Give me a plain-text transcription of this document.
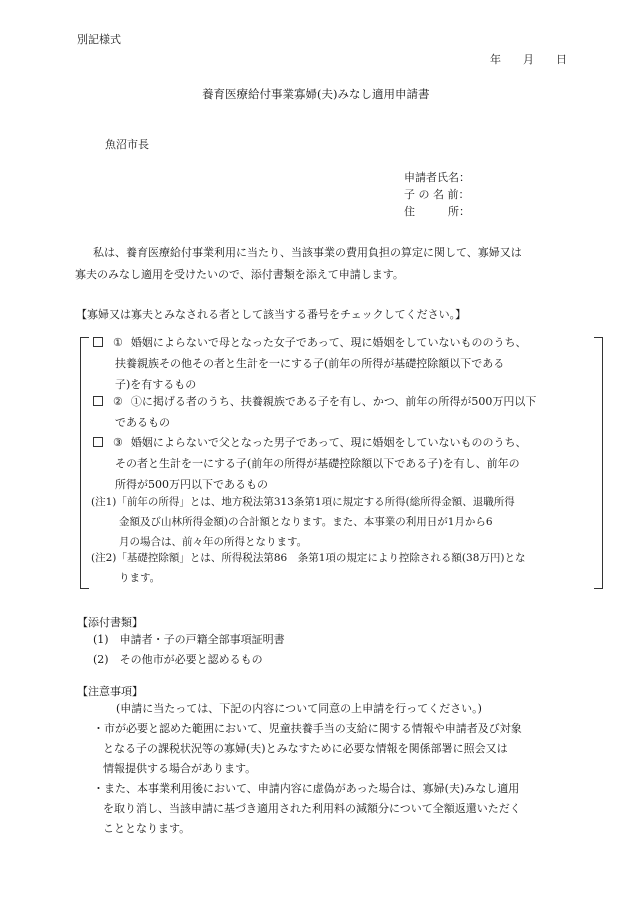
別記様式
年　　月　　日
養育医療給付事業寡婦(夫)みなし適用申請書
魚沼市長
申請者氏名：
子 の 名 前：
住　　　所：
私は、養育医療給付事業利用に当たり、当該事業の費用負担の算定に関して、寡婦又は
寡夫のみなし適用を受けたいので、添付書類を添えて申請します。
【寡婦又は寡夫とみなされる者として該当する番号をチェックしてください。】
① 婚姻によらないで母となった女子であって、現に婚姻をしていないもののうち、
扶養親族その他その者と生計を一にする子(前年の所得が基礎控除額以下である
子)を有するもの
② ①に掲げる者のうち、扶養親族である子を有し、かつ、前年の所得が500万円以下
であるもの
③ 婚姻によらないで父となった男子であって、現に婚姻をしていないもののうち、
その者と生計を一にする子(前年の所得が基礎控除額以下である子)を有し、前年の
所得が500万円以下であるもの
(注1)「前年の所得」とは、地方税法第313条第1項に規定する所得(総所得金額、退職所得
金額及び山林所得金額)の合計額となります。また、本事業の利用日が1月から6
月の場合は、前々年の所得となります。
(注2)「基礎控除額」とは、所得税法第86　条第1項の規定により控除される額(38万円)とな
ります。
【添付書類】
(1)　申請者・子の戸籍全部事項証明書
(2)　その他市が必要と認めるもの
【注意事項】
(申請に当たっては、下記の内容について同意の上申請を行ってください。)
・市が必要と認めた範囲において、児童扶養手当の支給に関する情報や申請者及び対象
となる子の課税状況等の寡婦(夫)とみなすために必要な情報を関係部署に照会又は
情報提供する場合があります。
・また、本事業利用後において、申請内容に虚偽があった場合は、寡婦(夫)みなし適用
を取り消し、当該申請に基づき適用された利用料の減額分について全額返還いただく
こととなります。
